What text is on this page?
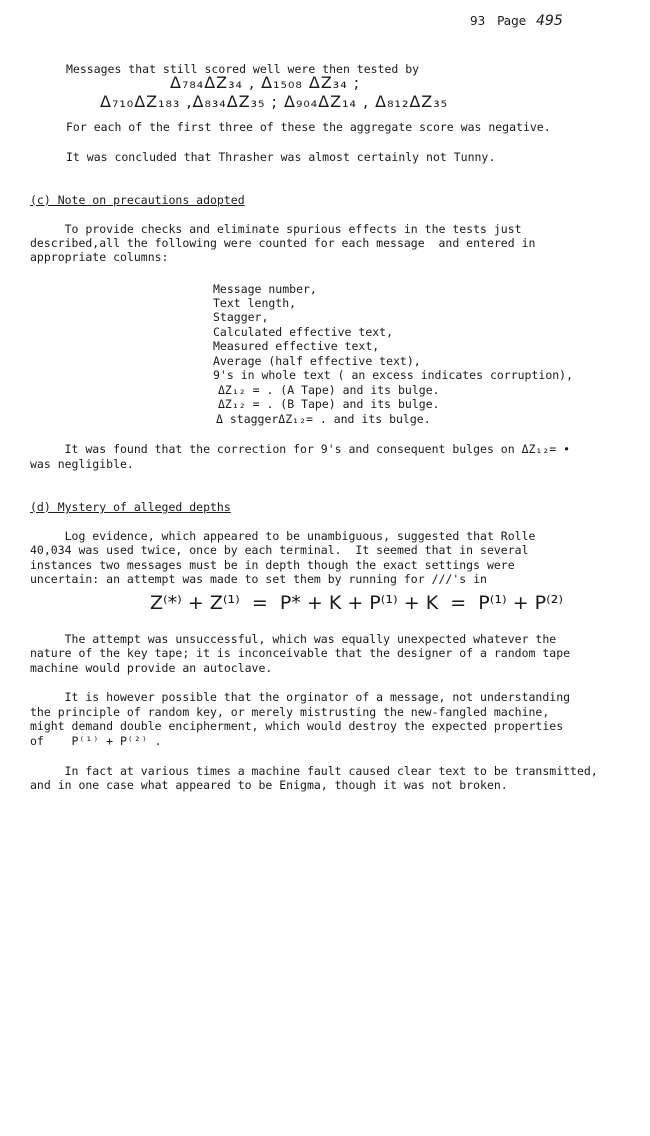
93 Page 495
Messages that still scored well were then tested by
Δ₇₈₄ΔZ₃₄ , Δ₁₅₀₈ ΔZ₃₄ ;
Δ₇₁₀ΔZ₁₈₃ ,Δ₈₃₄ΔZ₃₅ ; Δ₉₀₄ΔZ₁₄ , Δ₈₁₂ΔZ₃₅
For each of the first three of these the aggregate score was negative.
It was concluded that Thrasher was almost certainly not Tunny.
(c) Note on precautions adopted
To provide checks and eliminate spurious effects in the tests just
described,all the following were counted for each message  and entered in
appropriate columns:
Message number,
Text length,
Stagger,
Calculated effective text,
Measured effective text,
Average (half effective text),
9's in whole text ( an excess indicates corruption),
ΔZ₁₂ = . (A Tape) and its bulge.
ΔZ₁₂ = . (B Tape) and its bulge.
Δ staggerΔZ₁₂= . and its bulge.
It was found that the correction for 9's and consequent bulges on ΔZ₁₂= •
was negligible.
(d) Mystery of alleged depths
Log evidence, which appeared to be unambiguous, suggested that Rolle
40,034 was used twice, once by each terminal.  It seemed that in several
instances two messages must be in depth though the exact settings were
uncertain: an attempt was made to set them by running for ///'s in
Z⁽*⁾ + Z⁽¹⁾  =  P* + K + P⁽¹⁾ + K  =  P⁽¹⁾ + P⁽²⁾
The attempt was unsuccessful, which was equally unexpected whatever the
nature of the key tape; it is inconceivable that the designer of a random tape
machine would provide an autoclave.
It is however possible that the orginator of a message, not understanding
the principle of random key, or merely mistrusting the new-fangled machine,
might demand double encipherment, which would destroy the expected properties
of    P⁽¹⁾ + P⁽²⁾ .
In fact at various times a machine fault caused clear text to be transmitted,
and in one case what appeared to be Enigma, though it was not broken.
